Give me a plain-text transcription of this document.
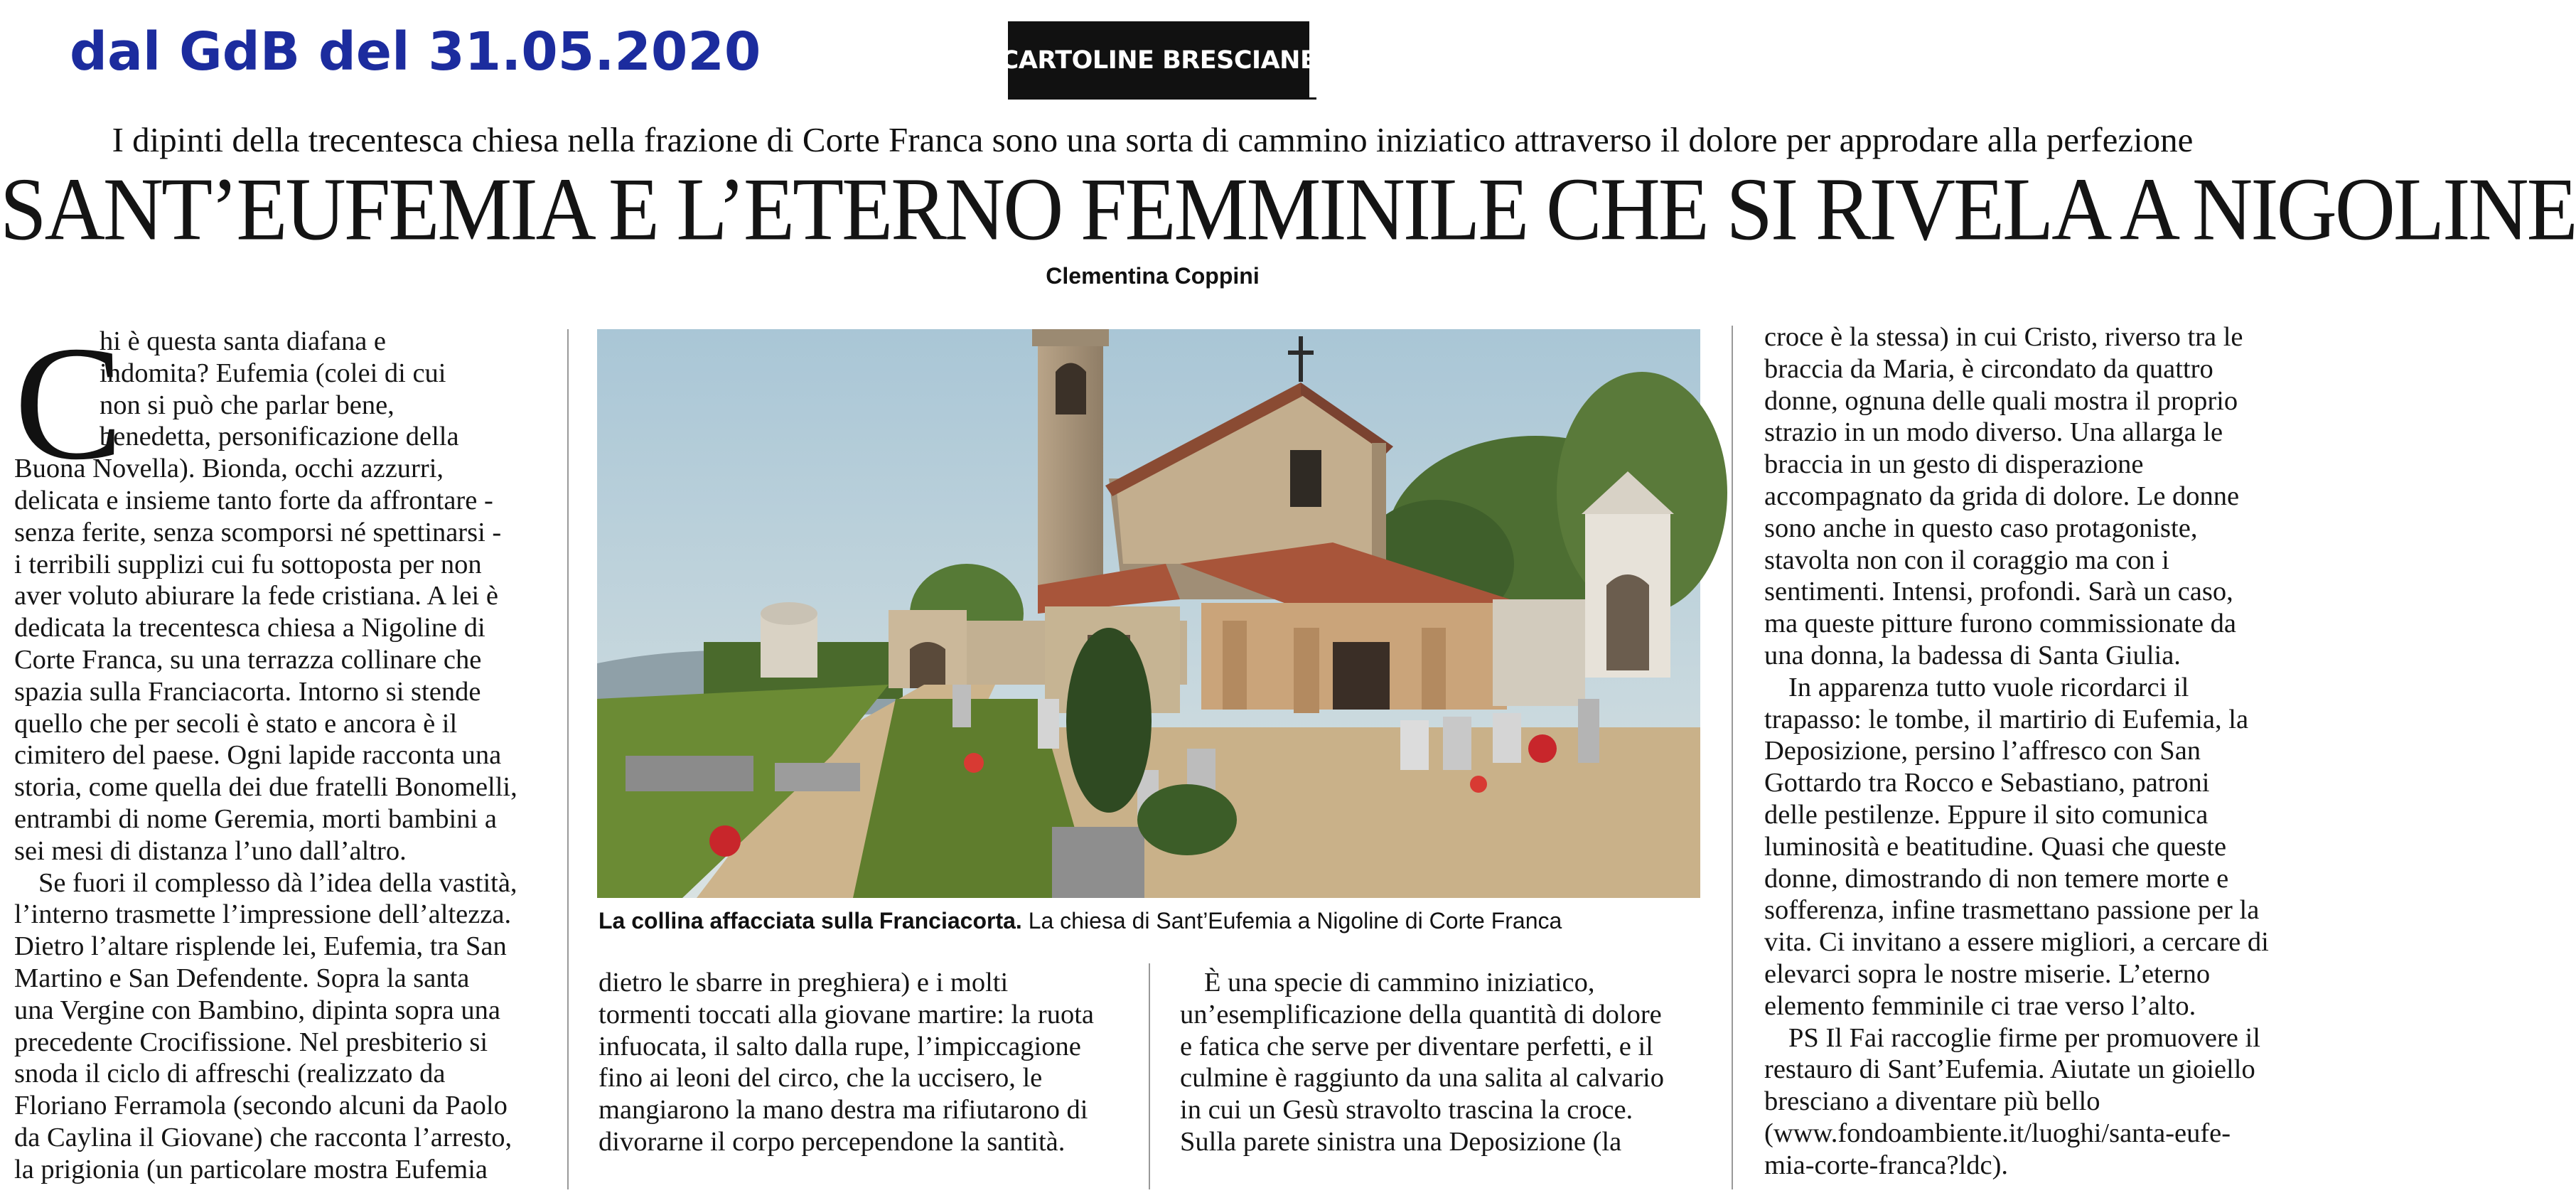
dal GdB del 31.05.2020	CARTOLINE BRESCIANE
I dipinti della trecentesca chiesa nella frazione di Corte Franca sono una sorta di cammino iniziatico attraverso il dolore per approdare alla perfezione
SANT’EUFEMIA E L’ETERNO FEMMINILE CHE SI RIVELA A NIGOLINE
Clementina Coppini
C
hi è questa santa diafana e
indomita? Eufemia (colei di cui
non si può che parlar bene,
benedetta, personificazione della
Buona Novella). Bionda, occhi azzurri,
delicata e insieme tanto forte da affrontare -
senza ferite, senza scomporsi né spettinarsi -
i terribili supplizi cui fu sottoposta per non
aver voluto abiurare la fede cristiana. A lei è
dedicata la trecentesca chiesa a Nigoline di
Corte Franca, su una terrazza collinare che
spazia sulla Franciacorta. Intorno si stende
quello che per secoli è stato e ancora è il
cimitero del paese. Ogni lapide racconta una
storia, come quella dei due fratelli Bonomelli,
entrambi di nome Geremia, morti bambini a
sei mesi di distanza l’uno dall’altro.
Se fuori il complesso dà l’idea della vastità,
l’interno trasmette l’impressione dell’altezza.
Dietro l’altare risplende lei, Eufemia, tra San
Martino e San Defendente. Sopra la santa
una Vergine con Bambino, dipinta sopra una
precedente Crocifissione. Nel presbiterio si
snoda il ciclo di affreschi (realizzato da
Floriano Ferramola (secondo alcuni da Paolo
da Caylina il Giovane) che racconta l’arresto,
la prigionia (un particolare mostra Eufemia
La collina affacciata sulla Franciacorta. La chiesa di Sant’Eufemia a Nigoline di Corte Franca
dietro le sbarre in preghiera) e i molti
tormenti toccati alla giovane martire: la ruota
infuocata, il salto dalla rupe, l’impiccagione
fino ai leoni del circo, che la uccisero, le
mangiarono la mano destra ma rifiutarono di
divorarne il corpo percependone la santità.
È una specie di cammino iniziatico,
un’esemplificazione della quantità di dolore
e fatica che serve per diventare perfetti, e il
culmine è raggiunto da una salita al calvario
in cui un Gesù stravolto trascina la croce.
Sulla parete sinistra una Deposizione (la
croce è la stessa) in cui Cristo, riverso tra le
braccia da Maria, è circondato da quattro
donne, ognuna delle quali mostra il proprio
strazio in un modo diverso. Una allarga le
braccia in un gesto di disperazione
accompagnato da grida di dolore. Le donne
sono anche in questo caso protagoniste,
stavolta non con il coraggio ma con i
sentimenti. Intensi, profondi. Sarà un caso,
ma queste pitture furono commissionate da
una donna, la badessa di Santa Giulia.
In apparenza tutto vuole ricordarci il
trapasso: le tombe, il martirio di Eufemia, la
Deposizione, persino l’affresco con San
Gottardo tra Rocco e Sebastiano, patroni
delle pestilenze. Eppure il sito comunica
luminosità e beatitudine. Quasi che queste
donne, dimostrando di non temere morte e
sofferenza, infine trasmettano passione per la
vita. Ci invitano a essere migliori, a cercare di
elevarci sopra le nostre miserie. L’eterno
elemento femminile ci trae verso l’alto.
PS Il Fai raccoglie firme per promuovere il
restauro di Sant’Eufemia. Aiutate un gioiello
bresciano a diventare più bello
(www.fondoambiente.it/luoghi/santa-eufe-
mia-corte-franca?ldc).
